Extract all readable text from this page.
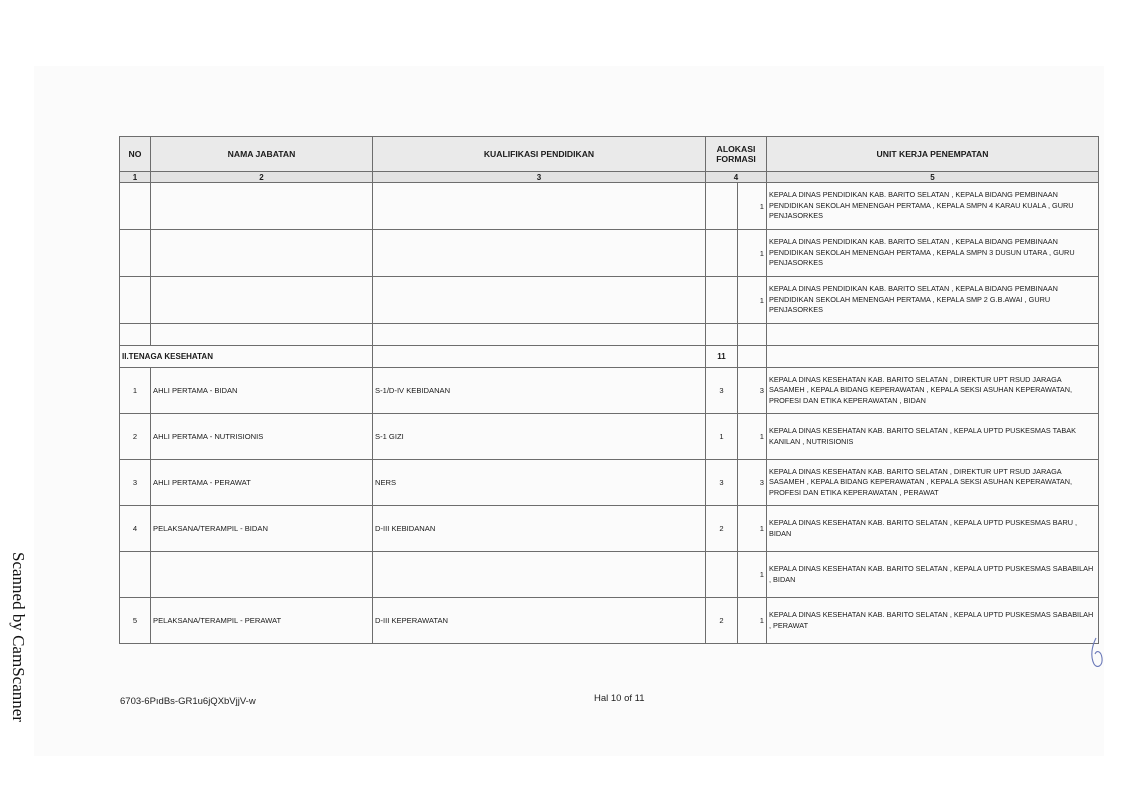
NO	NAMA JABATAN	KUALIFIKASI PENDIDIKAN	ALOKASI FORMASI		UNIT KERJA PENEMPATAN
1	2	3	4		5
				1	KEPALA DINAS PENDIDIKAN KAB. BARITO SELATAN , KEPALA BIDANG PEMBINAAN PENDIDIKAN SEKOLAH MENENGAH PERTAMA , KEPALA SMPN 4 KARAU KUALA , GURU PENJASORKES
				1	KEPALA DINAS PENDIDIKAN KAB. BARITO SELATAN , KEPALA BIDANG PEMBINAAN PENDIDIKAN SEKOLAH MENENGAH PERTAMA , KEPALA SMPN 3 DUSUN UTARA , GURU PENJASORKES
				1	KEPALA DINAS PENDIDIKAN KAB. BARITO SELATAN , KEPALA BIDANG PEMBINAAN PENDIDIKAN SEKOLAH MENENGAH PERTAMA , KEPALA SMP 2 G.B.AWAI , GURU PENJASORKES

II.TENAGA KESEHATAN			11		
1	AHLI PERTAMA - BIDAN	S-1/D-IV KEBIDANAN	3	3	KEPALA DINAS KESEHATAN KAB. BARITO SELATAN , DIREKTUR UPT RSUD JARAGA SASAMEH , KEPALA BIDANG KEPERAWATAN , KEPALA SEKSI ASUHAN KEPERAWATAN, PROFESI DAN ETIKA KEPERAWATAN , BIDAN
2	AHLI PERTAMA - NUTRISIONIS	S-1 GIZI	1	1	KEPALA DINAS KESEHATAN KAB. BARITO SELATAN , KEPALA UPTD PUSKESMAS TABAK KANILAN , NUTRISIONIS
3	AHLI PERTAMA - PERAWAT	NERS	3	3	KEPALA DINAS KESEHATAN KAB. BARITO SELATAN , DIREKTUR UPT RSUD JARAGA SASAMEH , KEPALA BIDANG KEPERAWATAN , KEPALA SEKSI ASUHAN KEPERAWATAN, PROFESI DAN ETIKA KEPERAWATAN , PERAWAT
4	PELAKSANA/TERAMPIL - BIDAN	D-III KEBIDANAN	2	1	KEPALA DINAS KESEHATAN KAB. BARITO SELATAN , KEPALA UPTD PUSKESMAS BARU , BIDAN
				1	KEPALA DINAS KESEHATAN KAB. BARITO SELATAN , KEPALA UPTD PUSKESMAS SABABILAH , BIDAN
5	PELAKSANA/TERAMPIL - PERAWAT	D-III KEPERAWATAN	2	1	KEPALA DINAS KESEHATAN KAB. BARITO SELATAN , KEPALA UPTD PUSKESMAS SABABILAH , PERAWAT
6703-6PıdBs-GR1u6jQXbVjjV-w	Hal 10 of 11
Scanned by CamScanner
